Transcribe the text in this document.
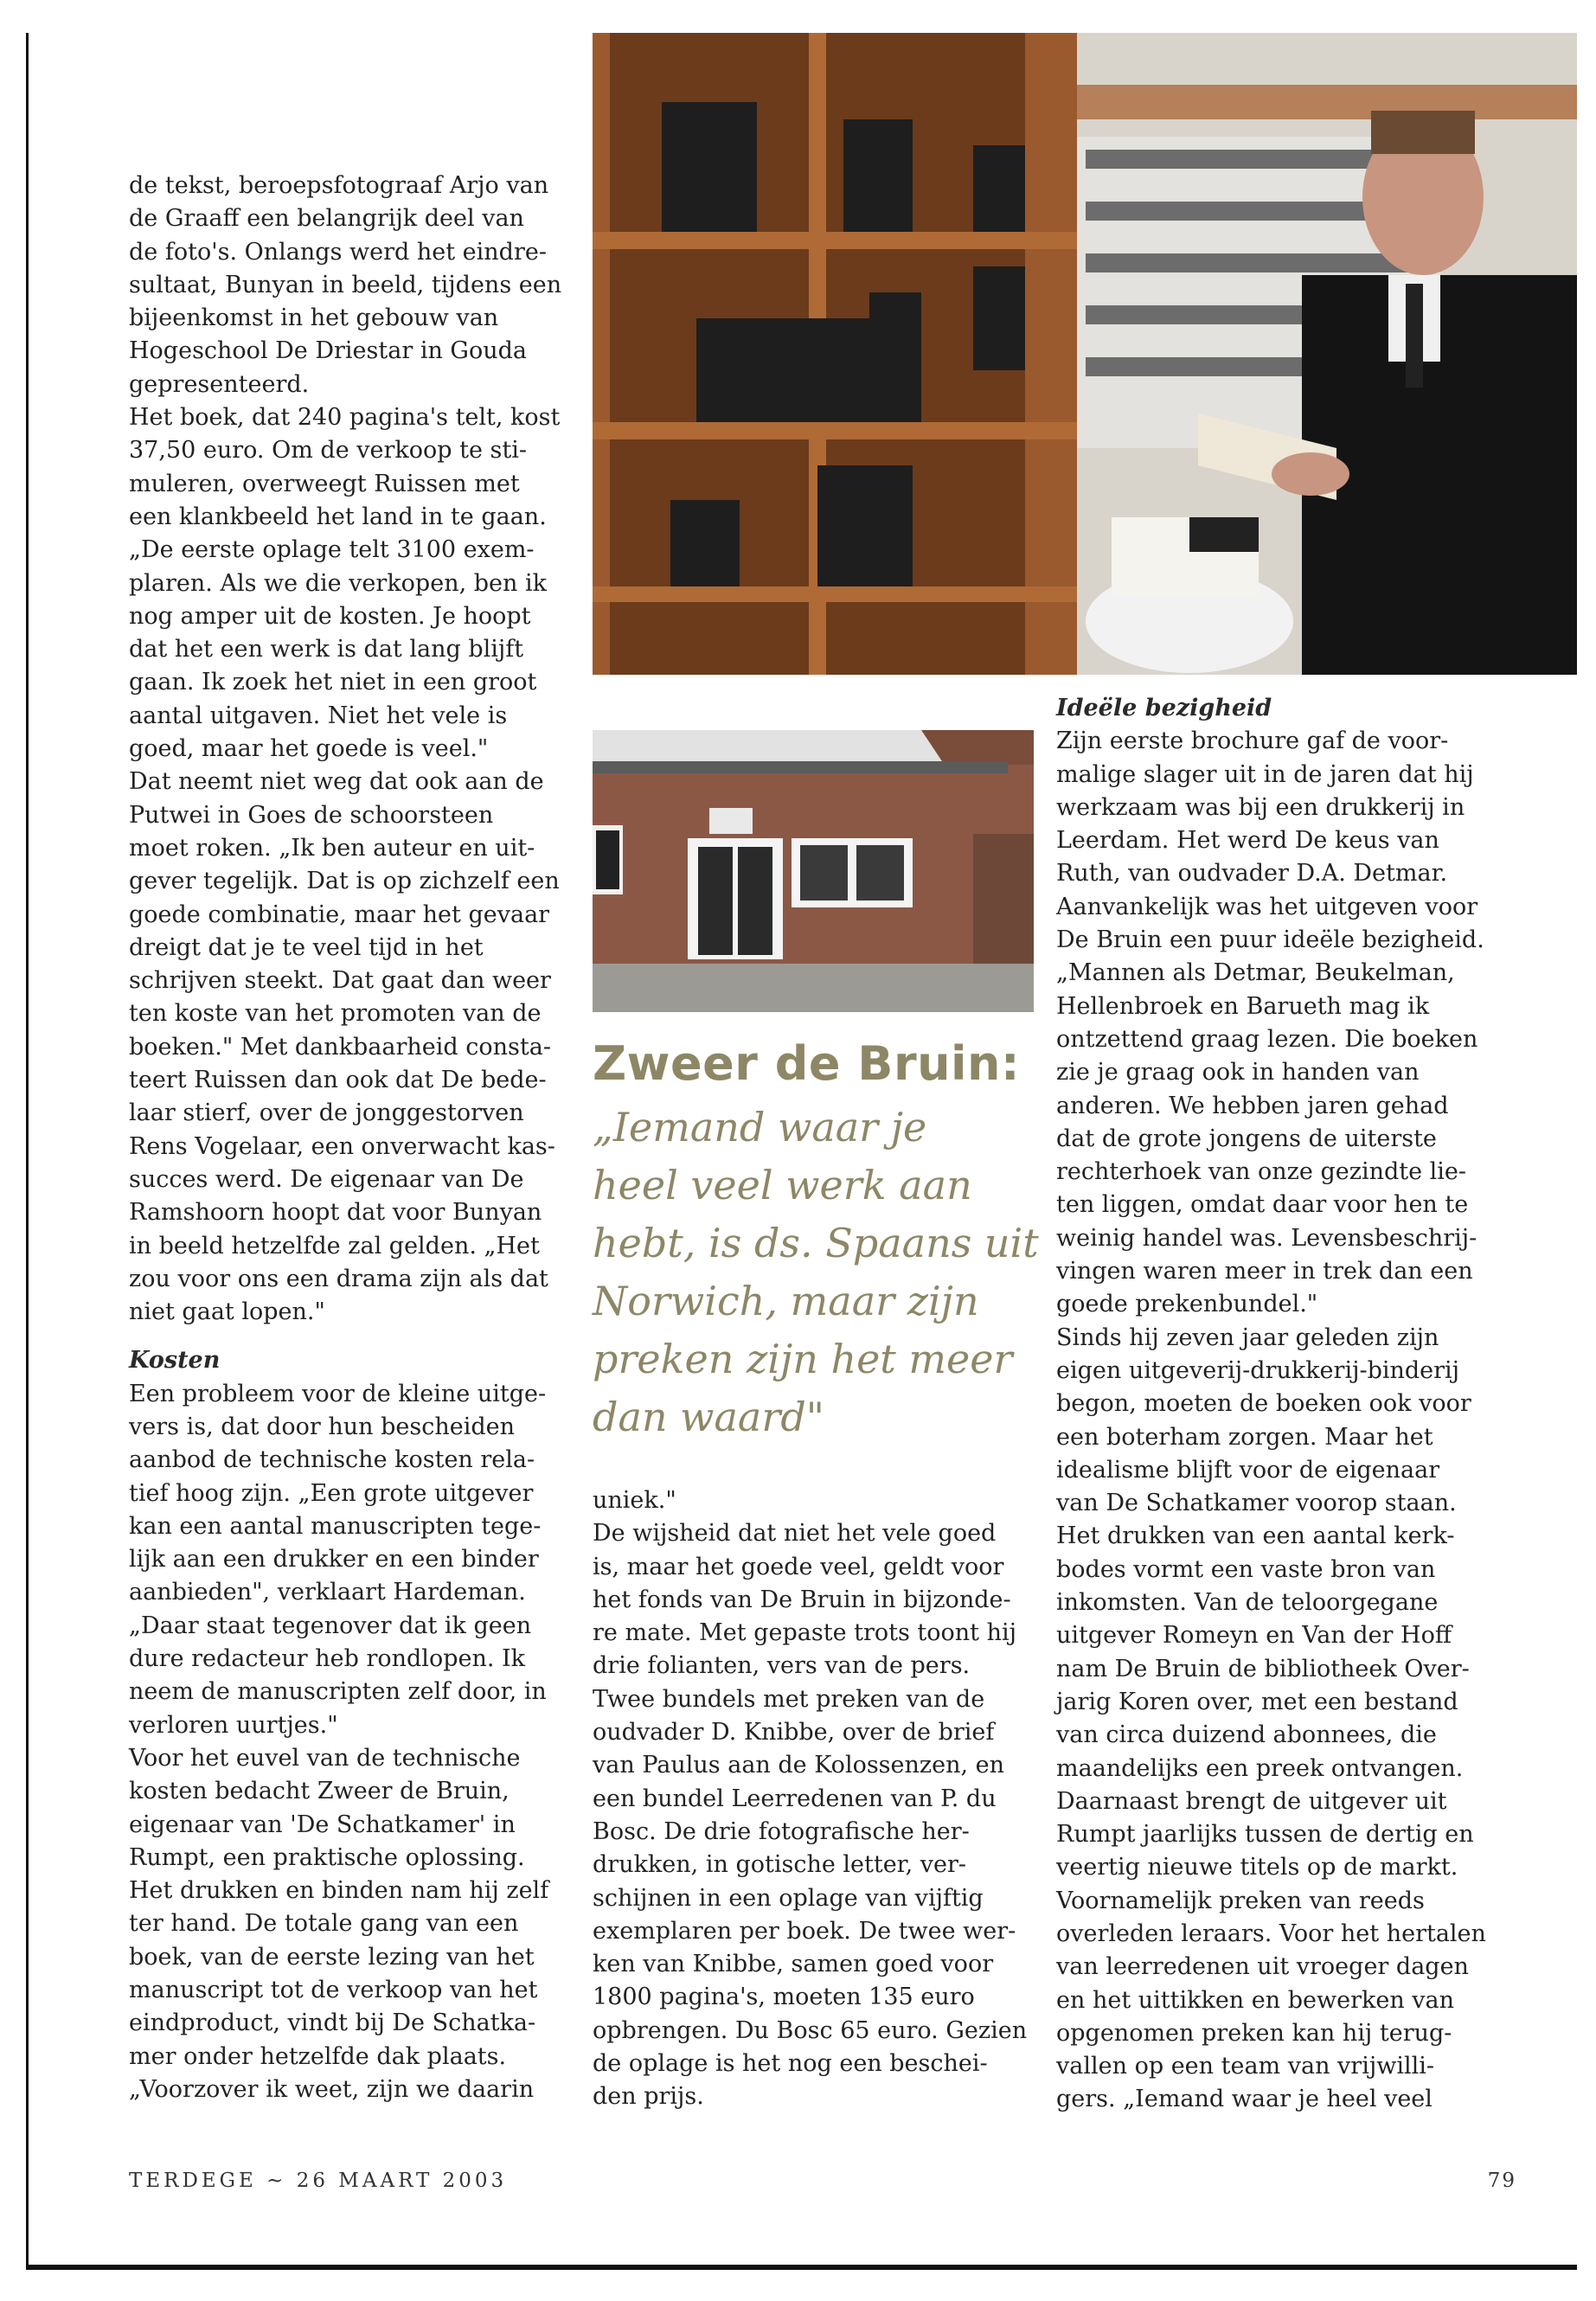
de tekst, beroepsfotograaf Arjo van
de Graaff een belangrijk deel van
de foto's. Onlangs werd het eindre-
sultaat, Bunyan in beeld, tijdens een
bijeenkomst in het gebouw van
Hogeschool De Driestar in Gouda
gepresenteerd.

Het boek, dat 240 pagina's telt, kost
37,50 euro. Om de verkoop te sti-
muleren, overweegt Ruissen met
een klankbeeld het land in te gaan.
„De eerste oplage telt 3100 exem-
plaren. Als we die verkopen, ben ik
nog amper uit de kosten. Je hoopt
dat het een werk is dat lang blijft
gaan. Ik zoek het niet in een groot
aantal uitgaven. Niet het vele is
goed, maar het goede is veel."

Dat neemt niet weg dat ook aan de
Putwei in Goes de schoorsteen
moet roken. „Ik ben auteur en uit-
gever tegelijk. Dat is op zichzelf een
goede combinatie, maar het gevaar
dreigt dat je te veel tijd in het
schrijven steekt. Dat gaat dan weer
ten koste van het promoten van de
boeken." Met dankbaarheid consta-
teert Ruissen dan ook dat De bede-
laar stierf, over de jonggestorven
Rens Vogelaar, een onverwacht kas-
succes werd. De eigenaar van De
Ramshoorn hoopt dat voor Bunyan
in beeld hetzelfde zal gelden. „Het
zou voor ons een drama zijn als dat
niet gaat lopen."

Kosten

Een probleem voor de kleine uitge-
vers is, dat door hun bescheiden
aanbod de technische kosten rela-
tief hoog zijn. „Een grote uitgever
kan een aantal manuscripten tege-
lijk aan een drukker en een binder
aanbieden", verklaart Hardeman.
„Daar staat tegenover dat ik geen
dure redacteur heb rondlopen. Ik
neem de manuscripten zelf door, in
verloren uurtjes."

Voor het euvel van de technische
kosten bedacht Zweer de Bruin,
eigenaar van 'De Schatkamer' in
Rumpt, een praktische oplossing.
Het drukken en binden nam hij zelf
ter hand. De totale gang van een
boek, van de eerste lezing van het
manuscript tot de verkoop van het
eindproduct, vindt bij De Schatka-
mer onder hetzelfde dak plaats.
„Voorzover ik weet, zijn we daarin

Zweer de Bruin:

„Iemand waar je
heel veel werk aan
hebt, is ds. Spaans uit
Norwich, maar zijn
preken zijn het meer
dan waard"

uniek."

De wijsheid dat niet het vele goed
is, maar het goede veel, geldt voor
het fonds van De Bruin in bijzonde-
re mate. Met gepaste trots toont hij
drie folianten, vers van de pers.
Twee bundels met preken van de
oudvader D. Knibbe, over de brief
van Paulus aan de Kolossenzen, en
een bundel Leerredenen van P. du
Bosc. De drie fotografische her-
drukken, in gotische letter, ver-
schijnen in een oplage van vijftig
exemplaren per boek. De twee wer-
ken van Knibbe, samen goed voor
1800 pagina's, moeten 135 euro
opbrengen. Du Bosc 65 euro. Gezien
de oplage is het nog een beschei-
den prijs.

Ideële bezigheid

Zijn eerste brochure gaf de voor-
malige slager uit in de jaren dat hij
werkzaam was bij een drukkerij in
Leerdam. Het werd De keus van
Ruth, van oudvader D.A. Detmar.
Aanvankelijk was het uitgeven voor
De Bruin een puur ideële bezigheid.
„Mannen als Detmar, Beukelman,
Hellenbroek en Barueth mag ik
ontzettend graag lezen. Die boeken
zie je graag ook in handen van
anderen. We hebben jaren gehad
dat de grote jongens de uiterste
rechterhoek van onze gezindte lie-
ten liggen, omdat daar voor hen te
weinig handel was. Levensbeschrij-
vingen waren meer in trek dan een
goede prekenbundel."

Sinds hij zeven jaar geleden zijn
eigen uitgeverij-drukkerij-binderij
begon, moeten de boeken ook voor
een boterham zorgen. Maar het
idealisme blijft voor de eigenaar
van De Schatkamer voorop staan.
Het drukken van een aantal kerk-
bodes vormt een vaste bron van
inkomsten. Van de teloorgegane
uitgever Romeyn en Van der Hoff
nam De Bruin de bibliotheek Over-
jarig Koren over, met een bestand
van circa duizend abonnees, die
maandelijks een preek ontvangen.
Daarnaast brengt de uitgever uit
Rumpt jaarlijks tussen de dertig en
veertig nieuwe titels op de markt.
Voornamelijk preken van reeds
overleden leraars. Voor het hertalen
van leerredenen uit vroeger dagen
en het uittikken en bewerken van
opgenomen preken kan hij terug-
vallen op een team van vrijwilli-
gers. „Iemand waar je heel veel

TERDEGE ~ 26 MAART 2003	79
